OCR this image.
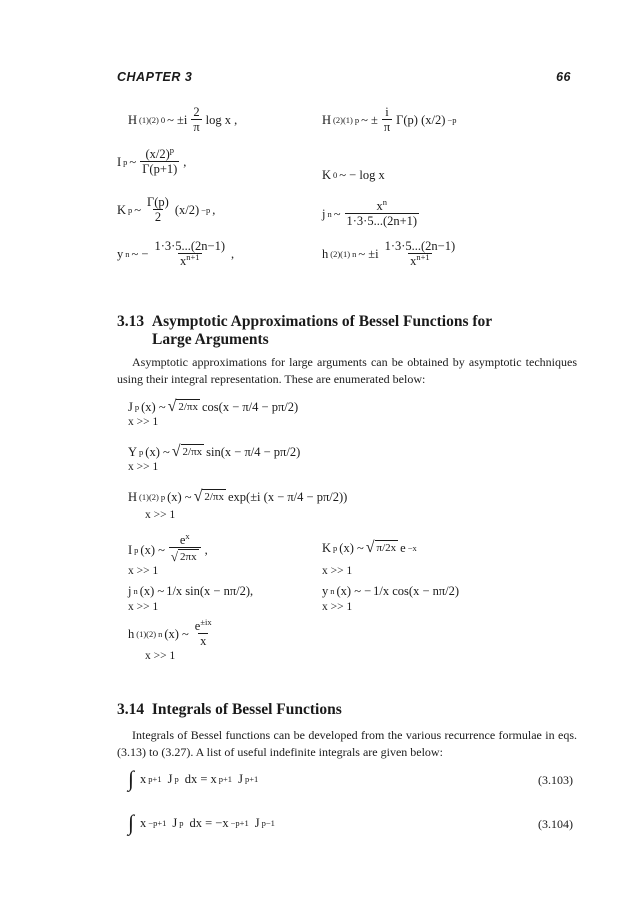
CHAPTER 3	66
H (1)(2) 0 ~ $\pm i \frac{2}{\pi}$ log x ,
I p ~ $\frac{(x/2)^p}{\Gamma(p+1)}$ ,
K p ~ $\frac{\Gamma(p)}{2} (x/2) -p$ ,
y n ~ − $\frac{1\cdot 3\cdot 5...(2n-1)}{x^{n+1}}$ ,
H (2)(1) p ~ ± $\frac{i}{\pi} \Gamma(p)$ (x/2) −p
K 0 ~ − log x
j n ~ $\frac{x^n}{1\cdot 3\cdot 5...(2n+1)}$
h (2)(1) n ~ $\pm i \frac{1\cdot 3\cdot 5...(2n-1)}{x^{n+1}}$
3.13 Asymptotic Approximations of Bessel Functions for
Large Arguments
Asymptotic approximations for large arguments can be obtained by asymptotic techniques using their integral representation. These are enumerated below:
J p (x) ~ √ 2/πx cos(x − π/4 − pπ/2)
x >> 1
Y p (x) ~ √ 2/πx sin(x − π/4 − pπ/2)
x >> 1
H (1)(2) p (x) ~ √ 2/πx exp(±i (x − π/4 − pπ/2))
x >> 1
I p (x) ~ $\frac{e^x}{√ 2\pi x}$ ,
x >> 1
K p (x) ~ √ π/2x e −x
x >> 1
j n (x) ~ 1/x sin(x − nπ/2),
x >> 1
y n (x) ~ − 1/x cos(x − nπ/2)
x >> 1
h (1)(2) n (x) ~ $\frac{e^{\pm ix}}{x}$
x >> 1
3.14 Integrals of Bessel Functions
Integrals of Bessel functions can be developed from the various recurrence formulae in eqs. (3.13) to (3.27). A list of useful indefinite integrals are given below:
∫ x p+1 J p dx = x p+1 J p+1	(3.103)
∫ x −p+1 J p dx = −x −p+1 J p−1	(3.104)
